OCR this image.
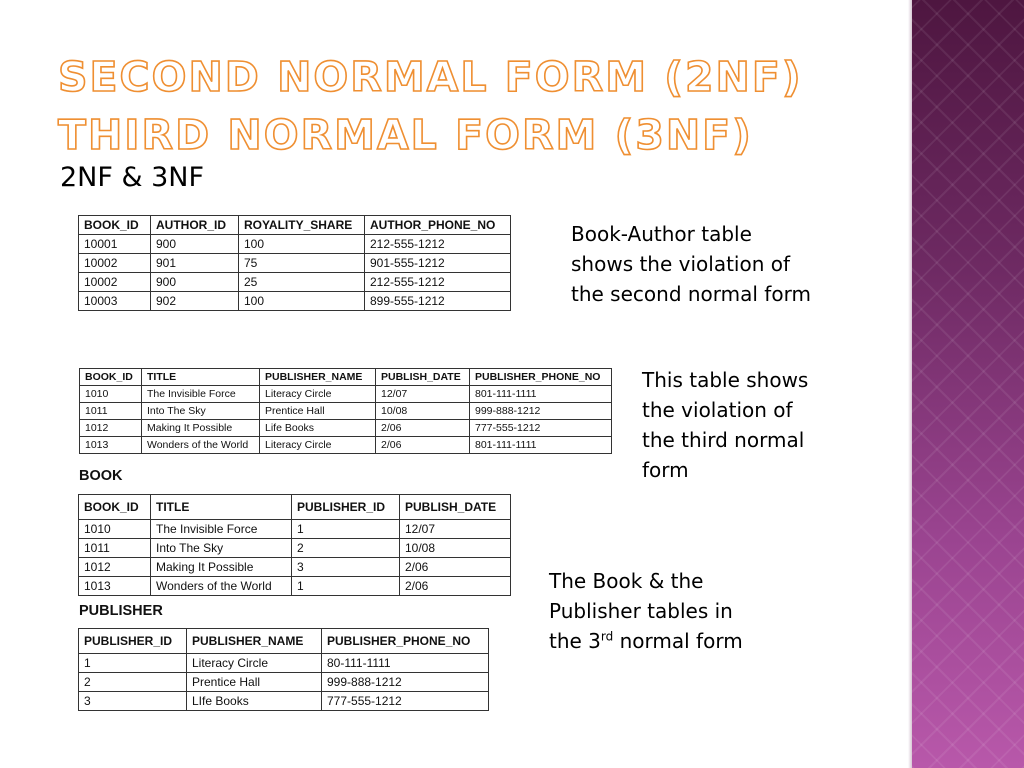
SECOND NORMAL FORM (2NF)
THIRD NORMAL FORM (3NF)

2NF & 3NF

BOOK_ID	AUTHOR_ID	ROYALITY_SHARE	AUTHOR_PHONE_NO
10001	900	100	212-555-1212
10002	901	75	901-555-1212
10002	900	25	212-555-1212
10003	902	100	899-555-1212
Book-Author table
shows the violation of
the second normal form
BOOK_ID	TITLE	PUBLISHER_NAME	PUBLISH_DATE	PUBLISHER_PHONE_NO
1010	The Invisible Force	Literacy Circle	12/07	801-111-1111
1011	Into The Sky	Prentice Hall	10/08	999-888-1212
1012	Making It Possible	Life Books	2/06	777-555-1212
1013	Wonders of the World	Literacy Circle	2/06	801-111-1111
This table shows
the violation of
the third normal
form

BOOK

BOOK_ID	TITLE	PUBLISHER_ID	PUBLISH_DATE
1010	The Invisible Force	1	12/07
1011	Into The Sky	2	10/08
1012	Making It Possible	3	2/06
1013	Wonders of the World	1	2/06

PUBLISHER

PUBLISHER_ID	PUBLISHER_NAME	PUBLISHER_PHONE_NO
1	Literacy Circle	80-111-1111
2	Prentice Hall	999-888-1212
3	LIfe Books	777-555-1212
The Book & the
Publisher tables in
the 3rd normal form
